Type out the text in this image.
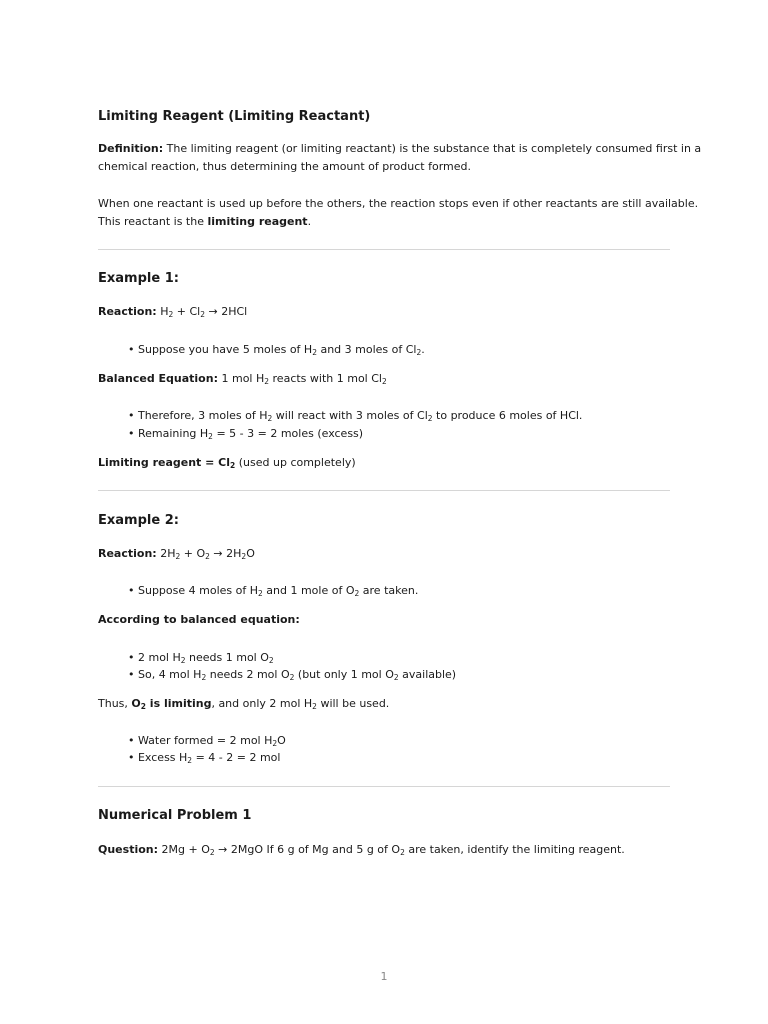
Limiting Reagent (Limiting Reactant)
Definition: The limiting reagent (or limiting reactant) is the substance that is completely consumed first in a
chemical reaction, thus determining the amount of product formed.
When one reactant is used up before the others, the reaction stops even if other reactants are still available.
This reactant is the limiting reagent.
Example 1:
Reaction: $H_2 + Cl_2 \to 2HCl$
• Suppose you have 5 moles of $H_2$ and 3 moles of $Cl_2$.
Balanced Equation: 1 mol $H_2$ reacts with 1 mol $Cl_2$
• Therefore, 3 moles of $H_2$ will react with 3 moles of $Cl_2$ to produce 6 moles of HCl.
• Remaining $H_2 = 5 - 3 = 2$ moles (excess)
Limiting reagent = $Cl_2$ (used up completely)
Example 2:
Reaction: $2H_2 + O_2 \to 2H_2O$
• Suppose 4 moles of $H_2$ and 1 mole of $O_2$ are taken.
According to balanced equation:
• 2 mol $H_2$ needs 1 mol $O_2$
• So, 4 mol $H_2$ needs 2 mol $O_2$ (but only 1 mol $O_2$ available)
Thus, $O_2$ is limiting, and only 2 mol $H_2$ will be used.
• Water formed = 2 mol $H_2O$
• Excess $H_2 = 4 - 2 = 2$ mol
Numerical Problem 1
Question: $2Mg + O_2 \to 2MgO$ If 6 g of Mg and 5 g of $O_2$ are taken, identify the limiting reagent.
1
